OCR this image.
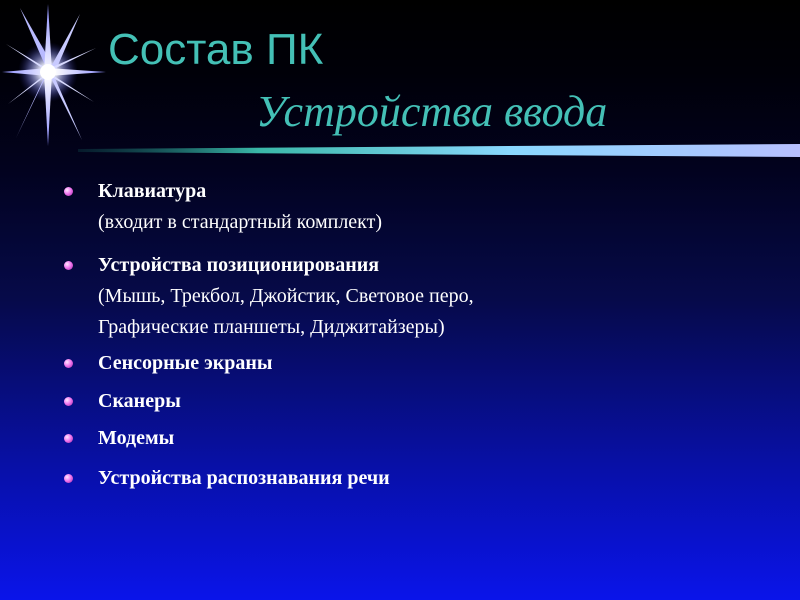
Состав ПК
Устройства ввода
Клавиатура
(входит в стандартный комплект)
Устройства позиционирования
(Мышь, Трекбол, Джойстик, Световое перо,
Графические планшеты, Диджитайзеры)
Сенсорные экраны
Сканеры
Модемы
Устройства распознавания речи
